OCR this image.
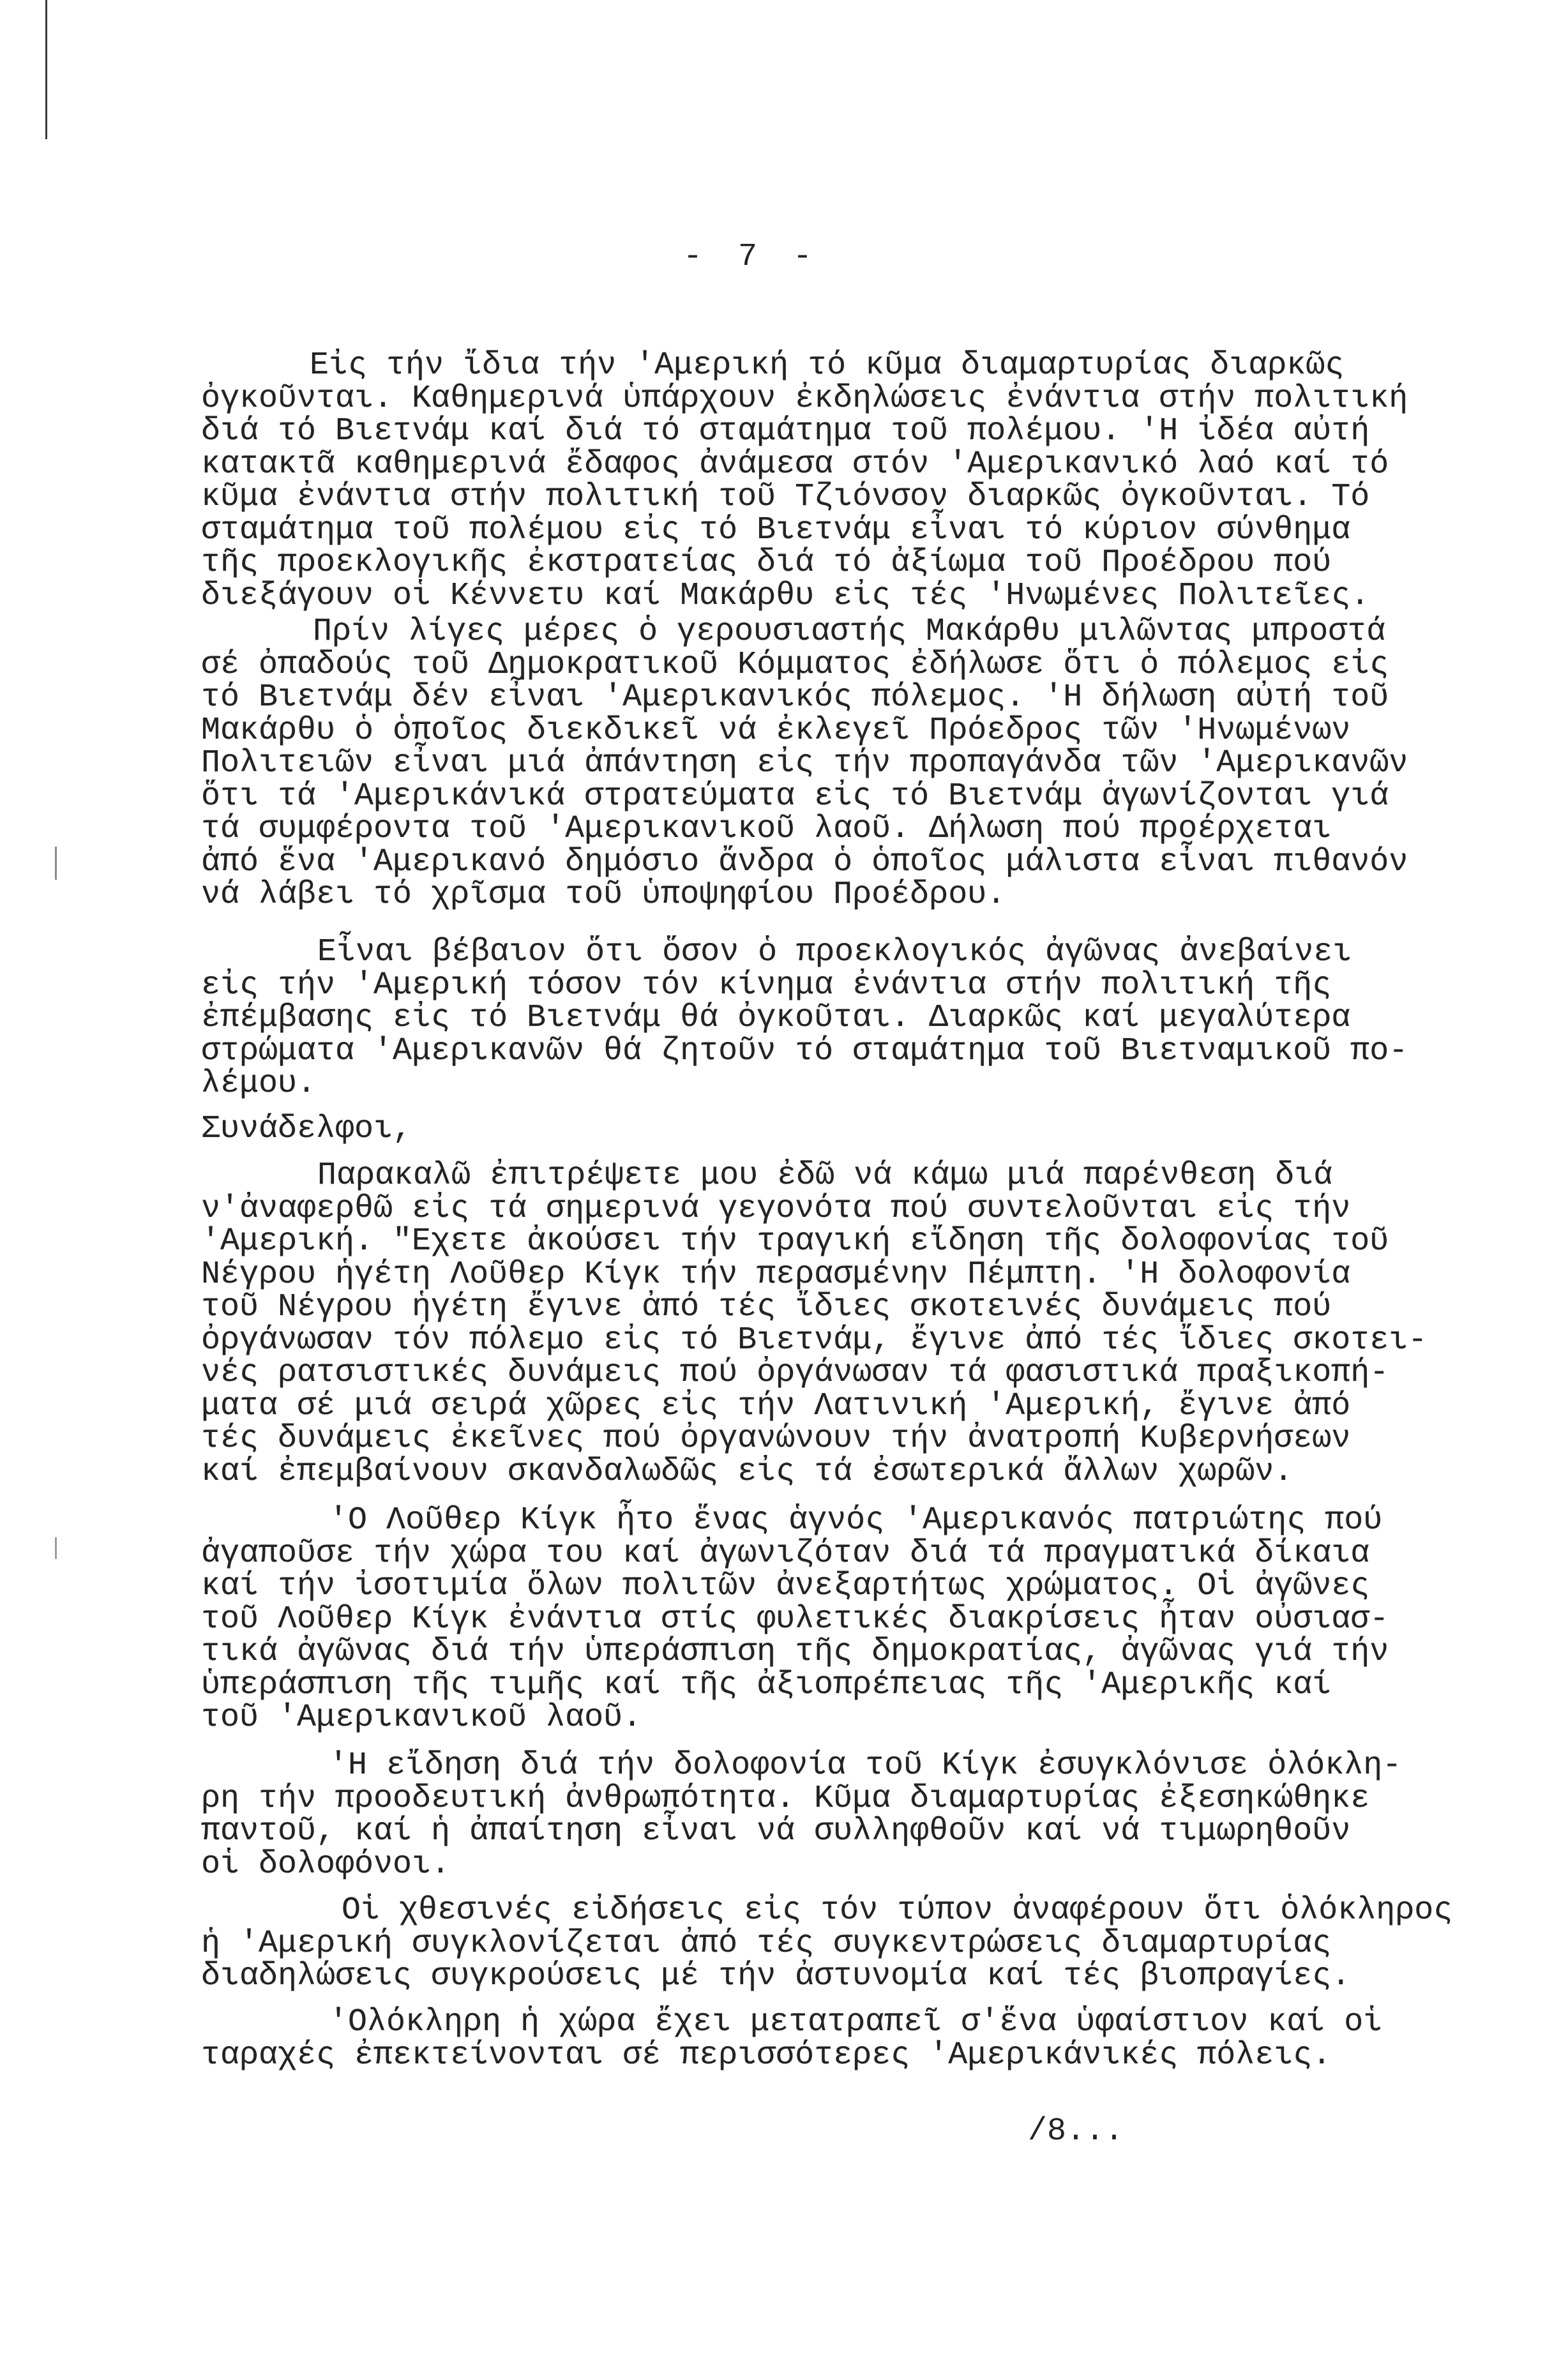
- 7 -
Εἰς τήν ἴδια τήν 'Αμερική τό κῦμα διαμαρτυρίας διαρκῶς
ὀγκοῦνται. Καθημερινά ὑπάρχουν ἐκδηλώσεις ἐνάντια στήν πολιτική
διά τό Βιετνάμ καί διά τό σταμάτημα τοῦ πολέμου. 'Η ἰδέα αὐτή
κατακτᾶ καθημερινά ἔδαφος ἀνάμεσα στόν 'Αμερικανικό λαό καί τό
κῦμα ἐνάντια στήν πολιτική τοῦ Τζιόνσον διαρκῶς ὀγκοῦνται. Τό
σταμάτημα τοῦ πολέμου εἰς τό Βιετνάμ εἶναι τό κύριον σύνθημα
τῆς προεκλογικῆς ἐκστρατείας διά τό ἀξίωμα τοῦ Προέδρου πού
διεξάγουν οἱ Κέννετυ καί Μακάρθυ εἰς τές 'Ηνωμένες Πολιτεῖες.
Πρίν λίγες μέρες ὁ γερουσιαστής Μακάρθυ μιλῶντας μπροστά
σέ ὀπαδούς τοῦ Δημοκρατικοῦ Κόμματος ἐδήλωσε ὅτι ὁ πόλεμος εἰς
τό Βιετνάμ δέν εἶναι 'Αμερικανικός πόλεμος. 'Η δήλωση αὐτή τοῦ
Μακάρθυ ὁ ὁποῖος διεκδικεῖ νά ἐκλεγεῖ Πρόεδρος τῶν 'Ηνωμένων
Πολιτειῶν εἶναι μιά ἀπάντηση εἰς τήν προπαγάνδα τῶν 'Αμερικανῶν
ὅτι τά 'Αμερικάνικά στρατεύματα εἰς τό Βιετνάμ ἀγωνίζονται γιά
τά συμφέροντα τοῦ 'Αμερικανικοῦ λαοῦ. Δήλωση πού προέρχεται
ἀπό ἕνα 'Αμερικανό δημόσιο ἄνδρα ὁ ὁποῖος μάλιστα εἶναι πιθανόν
νά λάβει τό χρῖσμα τοῦ ὑποψηφίου Προέδρου.
Εἶναι βέβαιον ὅτι ὅσον ὁ προεκλογικός ἀγῶνας ἀνεβαίνει
εἰς τήν 'Αμερική τόσον τόν κίνημα ἐνάντια στήν πολιτική τῆς
ἐπέμβασης εἰς τό Βιετνάμ θά ὀγκοῦται. Διαρκῶς καί μεγαλύτερα
στρώματα 'Αμερικανῶν θά ζητοῦν τό σταμάτημα τοῦ Βιετναμικοῦ πο-
λέμου.
Συνάδελφοι,
Παρακαλῶ ἐπιτρέψετε μου ἐδῶ νά κάμω μιά παρένθεση διά
ν'ἀναφερθῶ εἰς τά σημερινά γεγονότα πού συντελοῦνται εἰς τήν
'Αμερική. "Εχετε ἀκούσει τήν τραγική εἴδηση τῆς δολοφονίας τοῦ
Νέγρου ἡγέτη Λοῦθερ Κίγκ τήν περασμένην Πέμπτη. 'Η δολοφονία
τοῦ Νέγρου ἡγέτη ἔγινε ἀπό τές ἴδιες σκοτεινές δυνάμεις πού
ὀργάνωσαν τόν πόλεμο εἰς τό Βιετνάμ, ἔγινε ἀπό τές ἴδιες σκοτει-
νές ρατσιστικές δυνάμεις πού ὀργάνωσαν τά φασιστικά πραξικοπή-
ματα σέ μιά σειρά χῶρες εἰς τήν Λατινική 'Αμερική, ἔγινε ἀπό
τές δυνάμεις ἐκεῖνες πού ὀργανώνουν τήν ἀνατροπή Κυβερνήσεων
καί ἐπεμβαίνουν σκανδαλωδῶς εἰς τά ἐσωτερικά ἄλλων χωρῶν.
'Ο Λοῦθερ Κίγκ ἦτο ἕνας ἁγνός 'Αμερικανός πατριώτης πού
ἀγαποῦσε τήν χώρα του καί ἀγωνιζόταν διά τά πραγματικά δίκαια
καί τήν ἰσοτιμία ὅλων πολιτῶν ἀνεξαρτήτως χρώματος. Οἱ ἀγῶνες
τοῦ Λοῦθερ Κίγκ ἐνάντια στίς φυλετικές διακρίσεις ἦταν οὐσιασ-
τικά ἀγῶνας διά τήν ὑπεράσπιση τῆς δημοκρατίας, ἀγῶνας γιά τήν
ὑπεράσπιση τῆς τιμῆς καί τῆς ἀξιοπρέπειας τῆς 'Αμερικῆς καί
τοῦ 'Αμερικανικοῦ λαοῦ.
'Η εἴδηση διά τήν δολοφονία τοῦ Κίγκ ἐσυγκλόνισε ὁλόκλη-
ρη τήν προοδευτική ἀνθρωπότητα. Κῦμα διαμαρτυρίας ἐξεσηκώθηκε
παντοῦ, καί ἡ ἀπαίτηση εἶναι νά συλληφθοῦν καί νά τιμωρηθοῦν
οἱ δολοφόνοι.
Οἱ χθεσινές εἰδήσεις εἰς τόν τύπον ἀναφέρουν ὅτι ὁλόκληρος
ἡ 'Αμερική συγκλονίζεται ἀπό τές συγκεντρώσεις διαμαρτυρίας
διαδηλώσεις συγκρούσεις μέ τήν ἀστυνομία καί τές βιοπραγίες.
'Ολόκληρη ἡ χώρα ἔχει μετατραπεῖ σ'ἕνα ὑφαίστιον καί οἱ
ταραχές ἐπεκτείνονται σέ περισσότερες 'Αμερικάνικές πόλεις.
/8...
